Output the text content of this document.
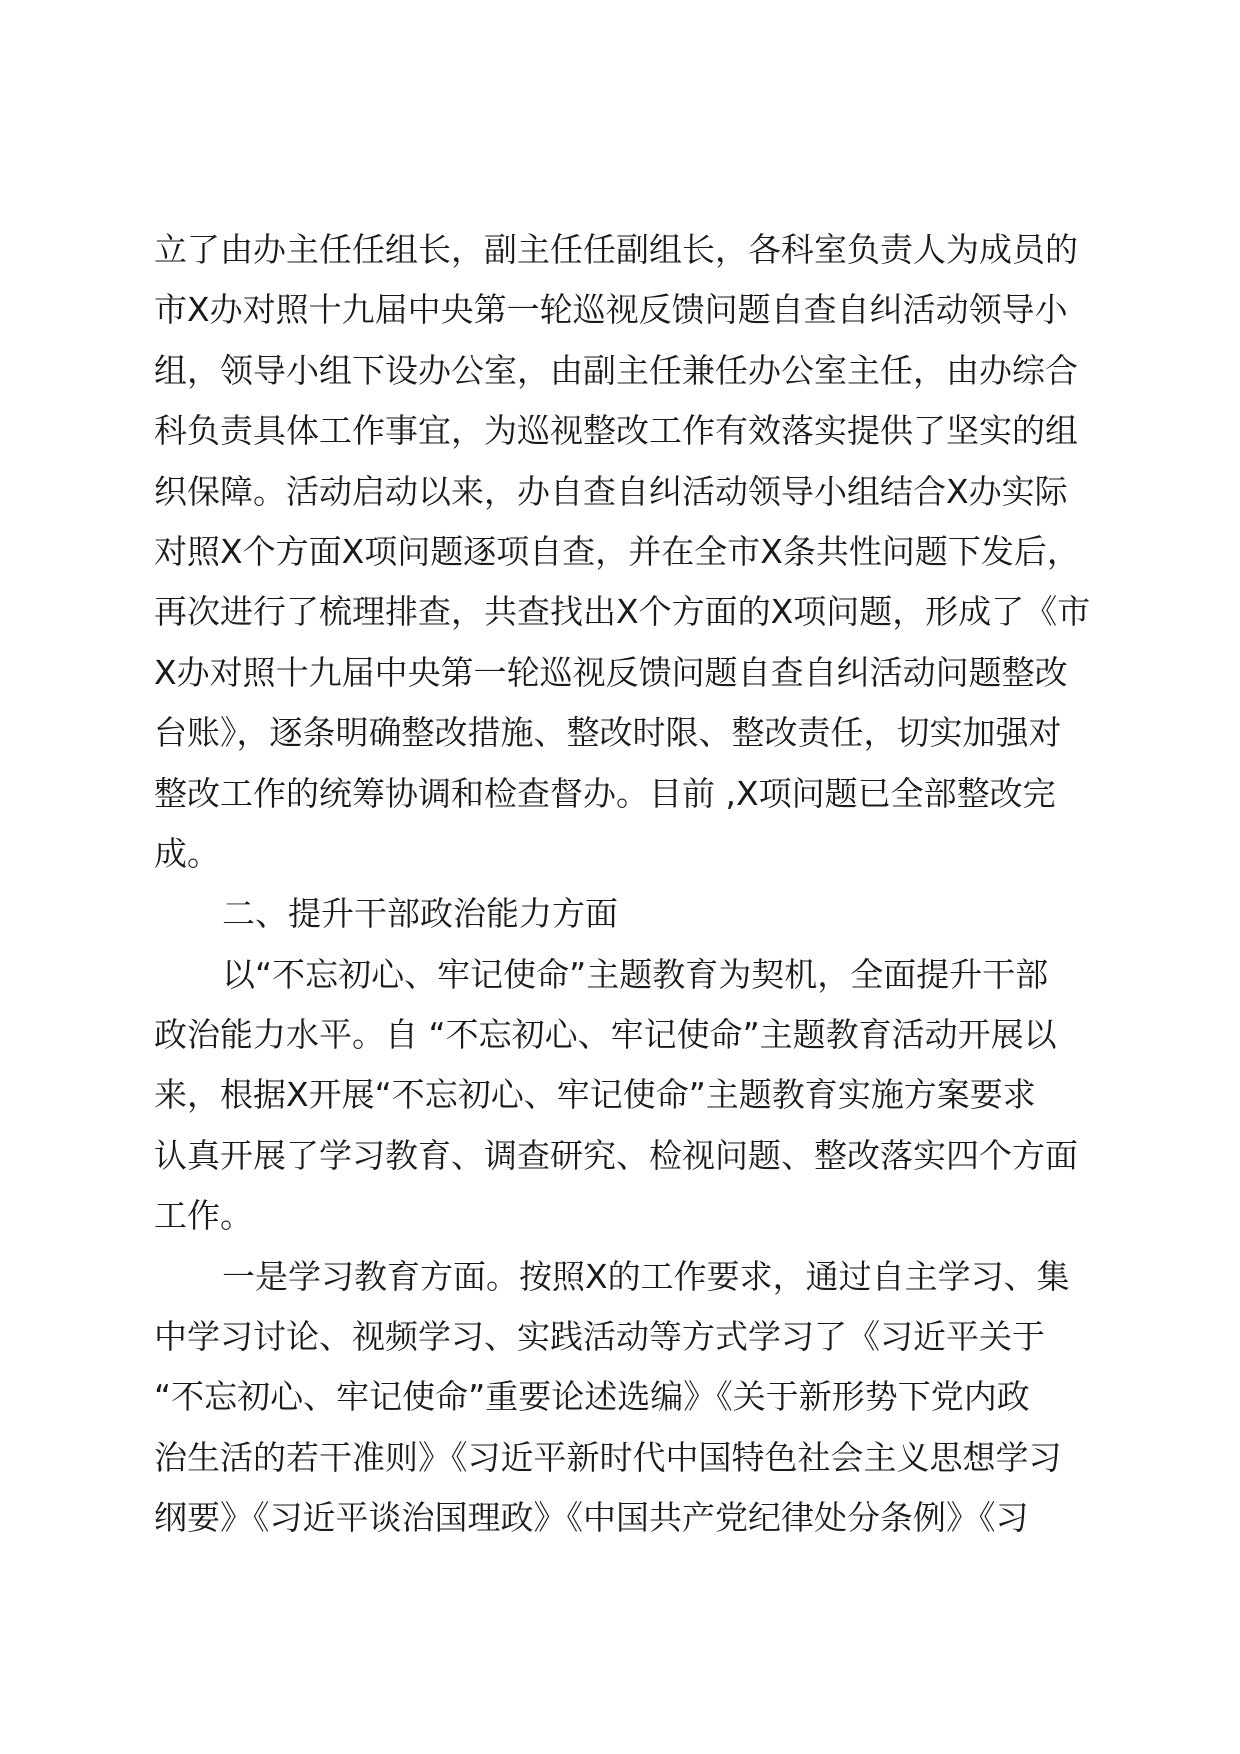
立了由办主任任组长，副主任任副组长，各科室负责人为成员的
市X办对照十九届中央第一轮巡视反馈问题自查自纠活动领导小
组，领导小组下设办公室，由副主任兼任办公室主任，由办综合
科负责具体工作事宜，为巡视整改工作有效落实提供了坚实的组
织保障。活动启动以来，办自查自纠活动领导小组结合X办实际
对照X个方面X项问题逐项自查，并在全市X条共性问题下发后，
再次进行了梳理排查，共查找出X个方面的X项问题，形成了《市
X办对照十九届中央第一轮巡视反馈问题自查自纠活动问题整改
台账》，逐条明确整改措施、整改时限、整改责任，切实加强对
整改工作的统筹协调和检查督办。目前 ,X项问题已全部整改完
成。
二、提升干部政治能力方面
以“不忘初心、牢记使命”主题教育为契机，全面提升干部
政治能力水平。自 “不忘初心、牢记使命”主题教育活动开展以
来，根据X开展“不忘初心、牢记使命”主题教育实施方案要求
认真开展了学习教育、调查研究、检视问题、整改落实四个方面
工作。
一是学习教育方面。按照X的工作要求，通过自主学习、集
中学习讨论、视频学习、实践活动等方式学习了《习近平关于
“不忘初心、牢记使命”重要论述选编》《关于新形势下党内政
治生活的若干准则》《习近平新时代中国特色社会主义思想学习
纲要》《习近平谈治国理政》《中国共产党纪律处分条例》《习
